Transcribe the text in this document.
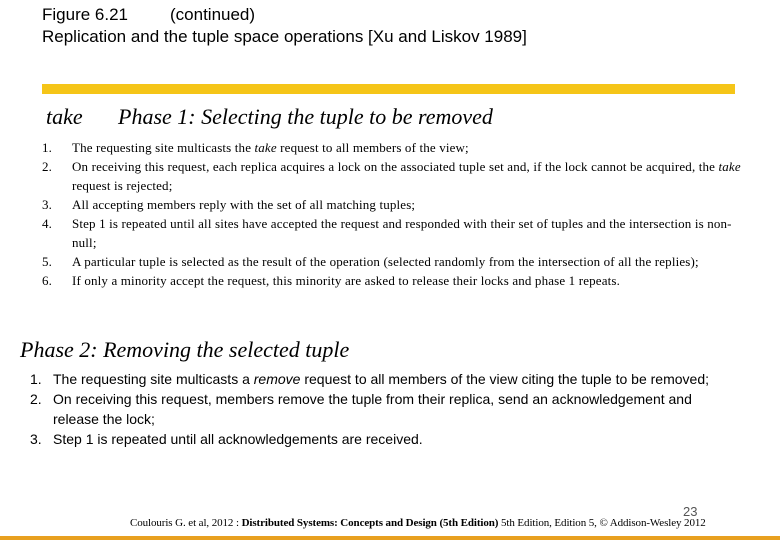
Figure 6.21 (continued)
Replication and the tuple space operations [Xu and Liskov 1989]
take Phase 1: Selecting the tuple to be removed
1. The requesting site multicasts the take request to all members of the view;
2. On receiving this request, each replica acquires a lock on the associated tuple set and, if the lock cannot be acquired, the take request is rejected;
3. All accepting members reply with the set of all matching tuples;
4. Step 1 is repeated until all sites have accepted the request and responded with their set of tuples and the intersection is non-null;
5. A particular tuple is selected as the result of the operation (selected randomly from the intersection of all the replies);
6. If only a minority accept the request, this minority are asked to release their locks and phase 1 repeats.
Phase 2: Removing the selected tuple
1. The requesting site multicasts a remove request to all members of the view citing the tuple to be removed;
2. On receiving this request, members remove the tuple from their replica, send an acknowledgement and release the lock;
3. Step 1 is repeated until all acknowledgements are received.
23
Coulouris G. et al, 2012 : Distributed Systems: Concepts and Design (5th Edition) 5th Edition, Edition 5, © Addison-Wesley 2012
